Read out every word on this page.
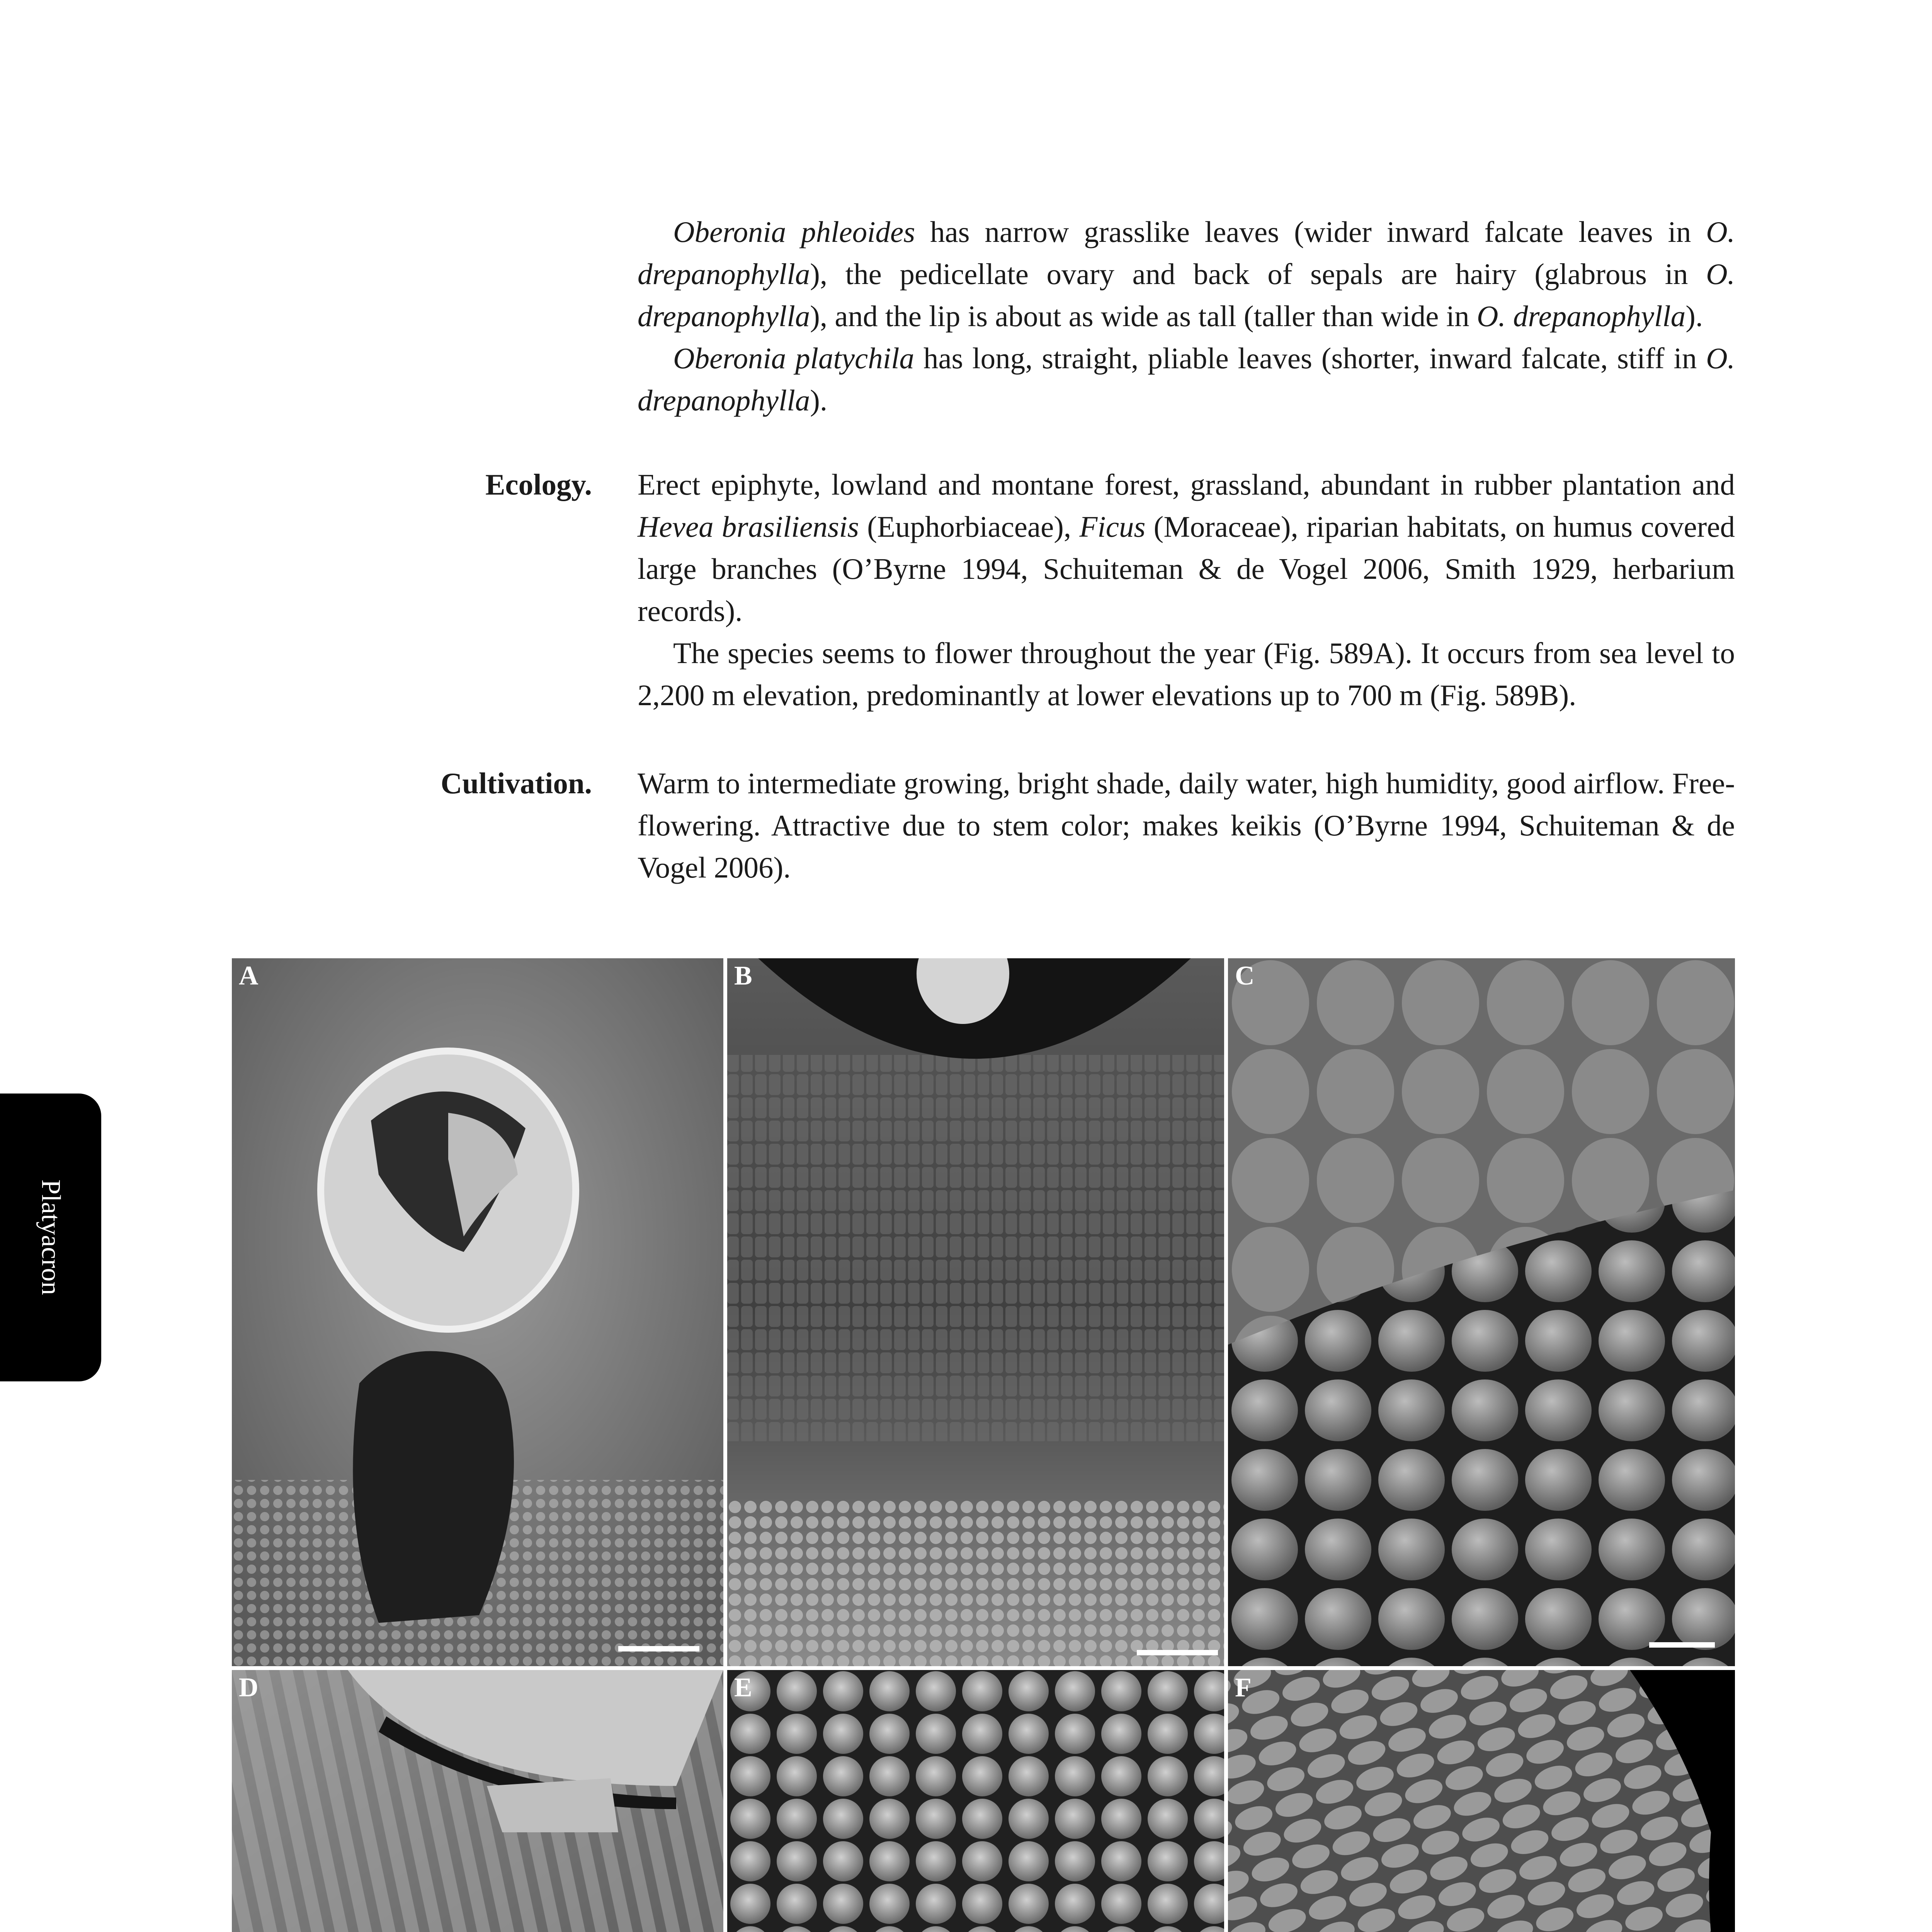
Platyacron

Oberonia phleoides has narrow grasslike leaves (wider inward falcate leaves in O. drepanophylla), the pedicellate ovary and back of sepals are hairy (glabrous in O. drepanophylla), and the lip is about as wide as tall (taller than wide in O. drepanophylla).

Oberonia platychila has long, straight, pliable leaves (shorter, inward falcate, stiff in O. drepanophylla).

Ecology. Erect epiphyte, lowland and montane forest, grassland, abundant in rubber plantation and Hevea brasiliensis (Euphorbiaceae), Ficus (Moraceae), riparian habitats, on humus covered large branches (O’Byrne 1994, Schuiteman & de Vogel 2006, Smith 1929, herbarium records).

The species seems to flower throughout the year (Fig. 589A). It occurs from sea level to 2,200 m elevation, predominantly at lower elevations up to 700 m (Fig. 589B).

Cultivation. Warm to intermediate growing, bright shade, daily water, high humidity, good airflow. Free-flowering. Attractive due to stem color; makes keikis (O’Byrne 1994, Schuiteman & de Vogel 2006).

A	B	C
D	E	F
